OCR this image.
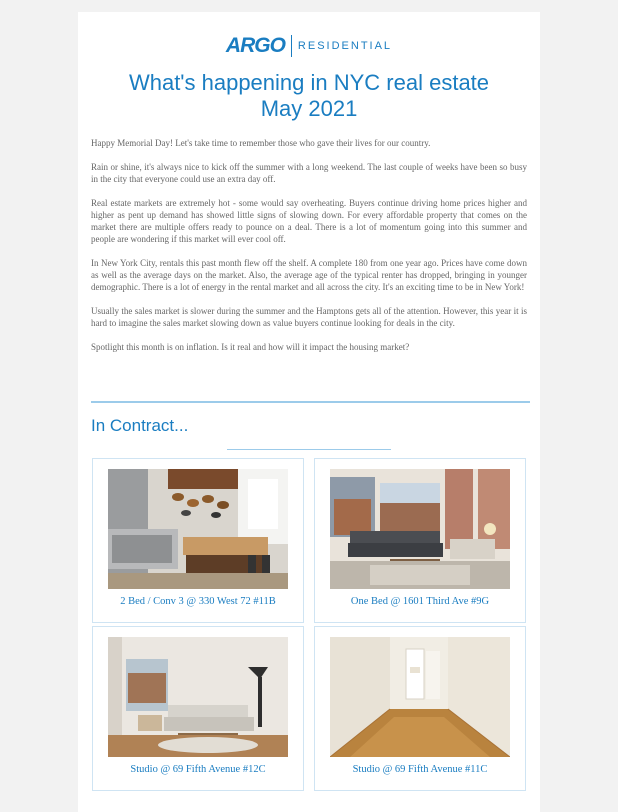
ARGO RESIDENTIAL
What's happening in NYC real estate
May 2021

Happy Memorial Day! Let's take time to remember those who gave their lives for our country.

Rain or shine, it's always nice to kick off the summer with a long weekend. The last couple of weeks have been so busy in the city that everyone could use an extra day off.

Real estate markets are extremely hot - some would say overheating. Buyers continue driving home prices higher and higher as pent up demand has showed little signs of slowing down. For every affordable property that comes on the market there are multiple offers ready to pounce on a deal. There is a lot of momentum going into this summer and people are wondering if this market will ever cool off.

In New York City, rentals this past month flew off the shelf. A complete 180 from one year ago. Prices have come down as well as the average days on the market. Also, the average age of the typical renter has dropped, bringing in younger demographic. There is a lot of energy in the rental market and all across the city. It's an exciting time to be in New York!

Usually the sales market is slower during the summer and the Hamptons gets all of the attention. However, this year it is hard to imagine the sales market slowing down as value buyers continue looking for deals in the city.

Spotlight this month is on inflation. Is it real and how will it impact the housing market?

In Contract...
2 Bed / Conv 3 @ 330 West 72 #11B	One Bed @ 1601 Third Ave #9G
Studio @ 69 Fifth Avenue #12C	Studio @ 69 Fifth Avenue #11C
